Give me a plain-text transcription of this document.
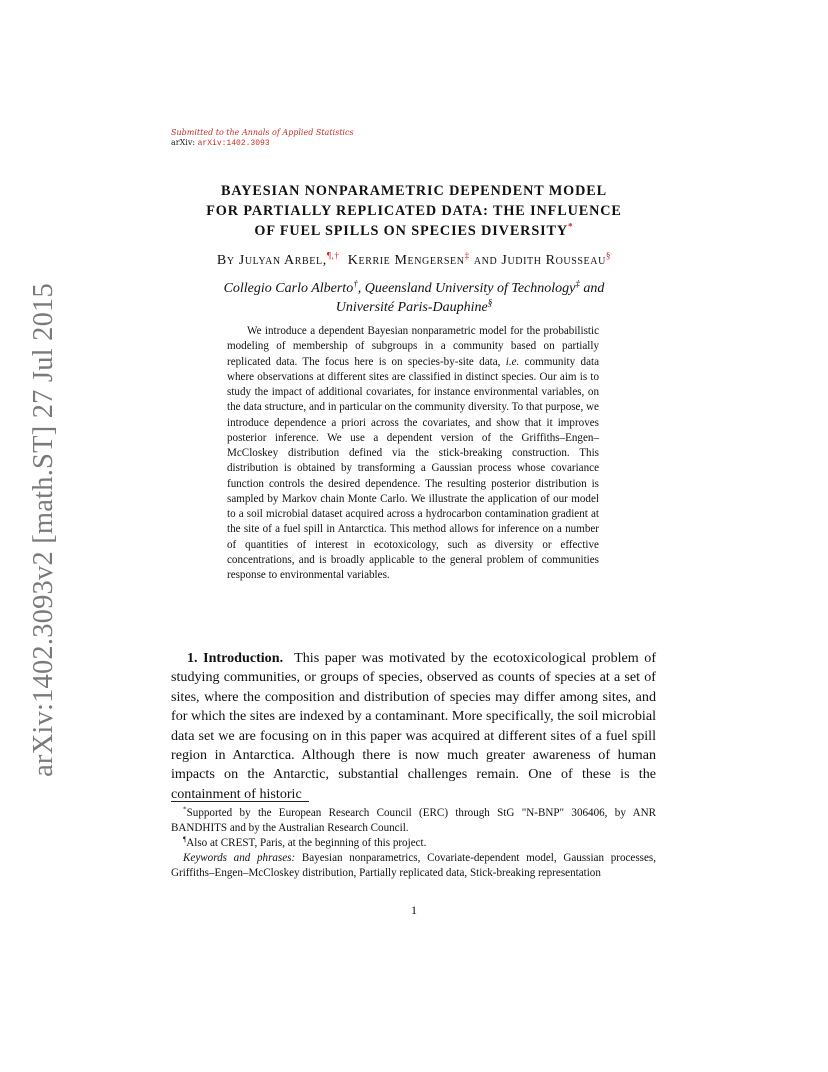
arXiv:1402.3093v2 [math.ST] 27 Jul 2015
Submitted to the Annals of Applied Statistics
arXiv: arXiv:1402.3093
BAYESIAN NONPARAMETRIC DEPENDENT MODEL
FOR PARTIALLY REPLICATED DATA: THE INFLUENCE
OF FUEL SPILLS ON SPECIES DIVERSITY*
By Julyan Arbel,¶,† Kerrie Mengersen‡ and Judith Rousseau§
Collegio Carlo Alberto†, Queensland University of Technology‡ and
Université Paris-Dauphine§

We introduce a dependent Bayesian nonparametric model for the probabilistic modeling of membership of subgroups in a community based on partially replicated data. The focus here is on species-by-site data, i.e. community data where observations at different sites are classified in distinct species. Our aim is to study the impact of additional covariates, for instance environmental variables, on the data structure, and in particular on the community diversity. To that purpose, we introduce dependence a priori across the covariates, and show that it improves posterior inference. We use a dependent version of the Griffiths–Engen–McCloskey distribution defined via the stick-breaking construction. This distribution is obtained by transforming a Gaussian process whose covariance function controls the desired dependence. The resulting posterior distribution is sampled by Markov chain Monte Carlo. We illustrate the application of our model to a soil microbial dataset acquired across a hydrocarbon contamination gradient at the site of a fuel spill in Antarctica. This method allows for inference on a number of quantities of interest in ecotoxicology, such as diversity or effective concentrations, and is broadly applicable to the general problem of communities response to environmental variables.

1. Introduction. This paper was motivated by the ecotoxicological problem of studying communities, or groups of species, observed as counts of species at a set of sites, where the composition and distribution of species may differ among sites, and for which the sites are indexed by a contaminant. More specifically, the soil microbial data set we are focusing on in this paper was acquired at different sites of a fuel spill region in Antarctica. Although there is now much greater awareness of human impacts on the Antarctic, substantial challenges remain. One of these is the containment of historic

*Supported by the European Research Council (ERC) through StG "N-BNP" 306406, by ANR BANDHITS and by the Australian Research Council.

¶Also at CREST, Paris, at the beginning of this project.

Keywords and phrases: Bayesian nonparametrics, Covariate-dependent model, Gaussian processes, Griffiths–Engen–McCloskey distribution, Partially replicated data, Stick-breaking representation

1
